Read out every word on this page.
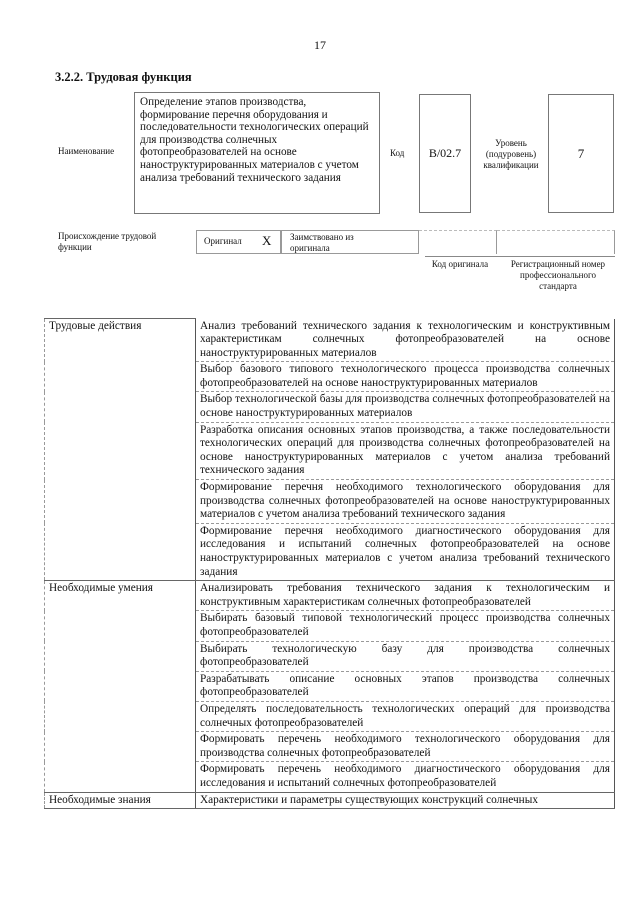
17
3.2.2. Трудовая функция
Наименование
Определение этапов производства, формирование перечня оборудования и последовательности технологических операций для производства солнечных фотопреобразователей на основе наноструктурированных материалов с учетом анализа требований технического задания
Код	B/02.7
Уровень (подуровень) квалификации
7
Происхождение трудовой функции
Оригинал X Заимствовано из оригинала
Код оригинала	Регистрационный номер профессионального стандарта
Трудовые действия	Анализ требований технического задания к технологическим и конструктивным характеристикам солнечных фотопреобразователей на основе наноструктурированных материалов
	Выбор базового типового технологического процесса производства солнечных фотопреобразователей на основе наноструктурированных материалов
	Выбор технологической базы для производства солнечных фотопреобразователей на основе наноструктурированных материалов
	Разработка описания основных этапов производства, а также последовательности технологических операций для производства солнечных фотопреобразователей на основе наноструктурированных материалов с учетом анализа требований технического задания
	Формирование перечня необходимого технологического оборудования для производства солнечных фотопреобразователей на основе наноструктурированных материалов с учетом анализа требований технического задания
	Формирование перечня необходимого диагностического оборудования для исследования и испытаний солнечных фотопреобразователей на основе наноструктурированных материалов с учетом анализа требований технического задания
Необходимые умения	Анализировать требования технического задания к технологическим и конструктивным характеристикам солнечных фотопреобразователей
	Выбирать базовый типовой технологический процесс производства солнечных фотопреобразователей
	Выбирать технологическую базу для производства солнечных фотопреобразователей
	Разрабатывать описание основных этапов производства солнечных фотопреобразователей
	Определять последовательность технологических операций для производства солнечных фотопреобразователей
	Формировать перечень необходимого технологического оборудования для производства солнечных фотопреобразователей
	Формировать перечень необходимого диагностического оборудования для исследования и испытаний солнечных фотопреобразователей
Необходимые знания	Характеристики и параметры существующих конструкций солнечных
